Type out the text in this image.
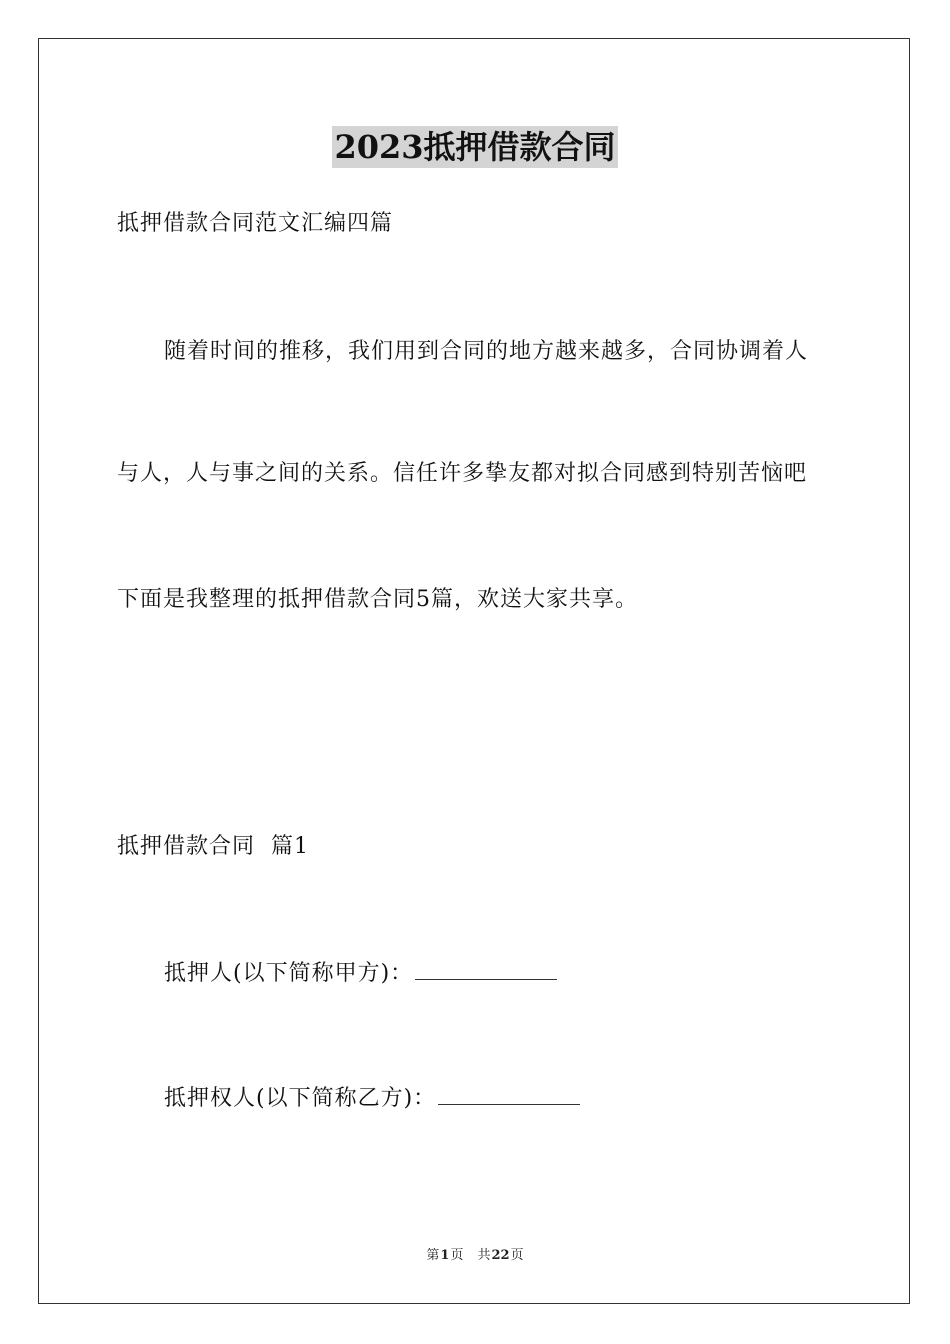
2023抵押借款合同
抵押借款合同范文汇编四篇
随着时间的推移，我们用到合同的地方越来越多，合同协调着人
与人，人与事之间的关系。信任许多挚友都对拟合同感到特别苦恼吧
下面是我整理的抵押借款合同5篇，欢送大家共享。
抵押借款合同  篇1
抵押人(以下简称甲方)：
抵押权人(以下简称乙方)：
第1页 共22页
